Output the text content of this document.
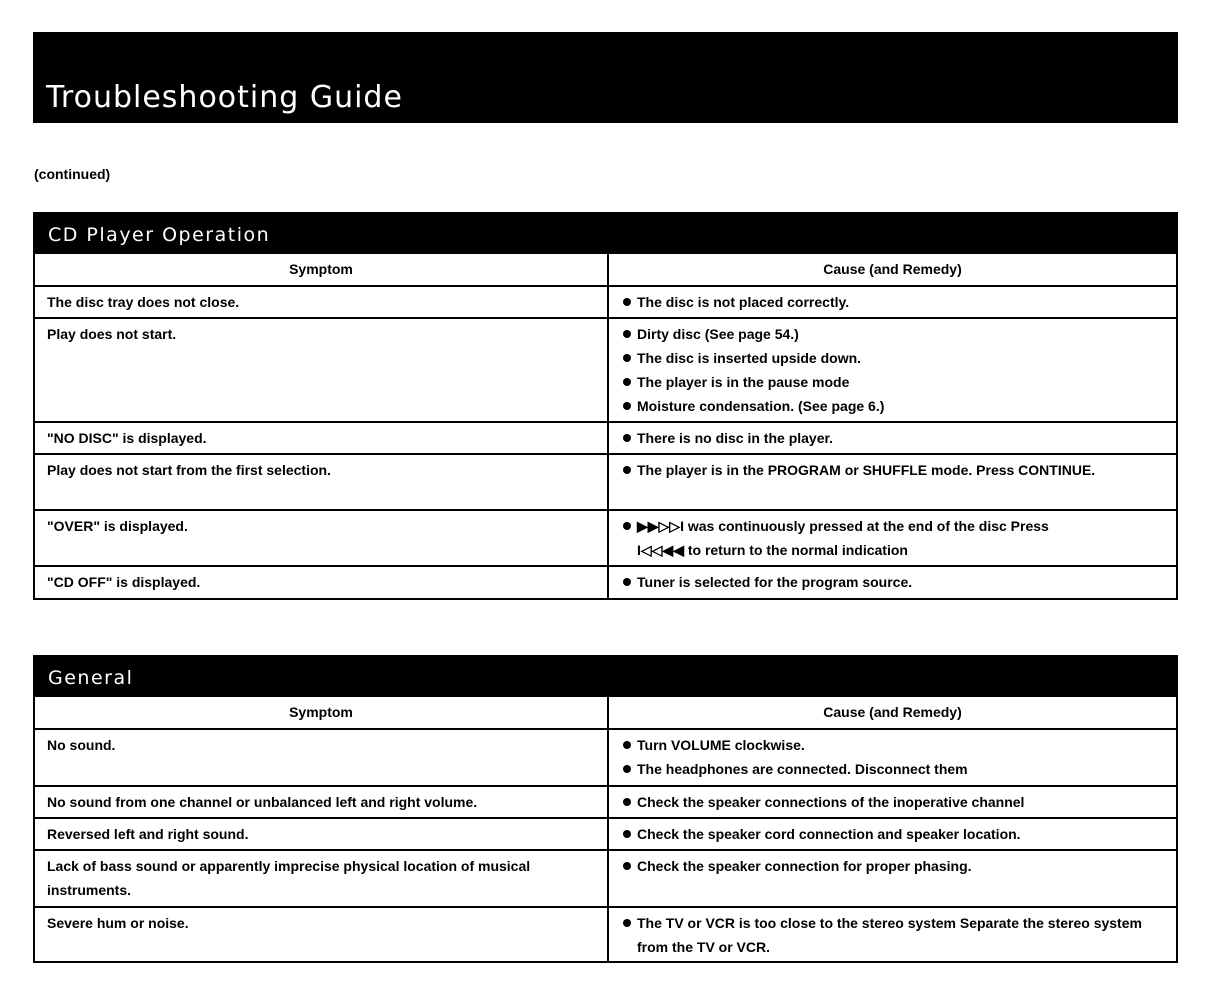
Troubleshooting Guide
(continued)
CD Player Operation
Symptom	Cause (and Remedy)
The disc tray does not close.	The disc is not placed correctly.

Play does not start.	Dirty disc (See page 54.)
The disc is inserted upside down.
The player is in the pause mode
Moisture condensation. (See page 6.)

"NO DISC" is displayed.	There is no disc in the player.

Play does not start from the first selection.	The player is in the PROGRAM or SHUFFLE mode. Press CONTINUE.

"OVER" is displayed.	▶▶▷▷I was continuously pressed at the end of the disc Press I◁◁◀◀ to return to the normal indication

"CD OFF" is displayed.	Tuner is selected for the program source.
General
Symptom	Cause (and Remedy)
No sound.	Turn VOLUME clockwise.
The headphones are connected. Disconnect them

No sound from one channel or unbalanced left and right volume.	Check the speaker connections of the inoperative channel

Reversed left and right sound.	Check the speaker cord connection and speaker location.

Lack of bass sound or apparently imprecise physical location of musical instruments.	Check the speaker connection for proper phasing.

Severe hum or noise.	The TV or VCR is too close to the stereo system Separate the stereo system from the TV or VCR.
